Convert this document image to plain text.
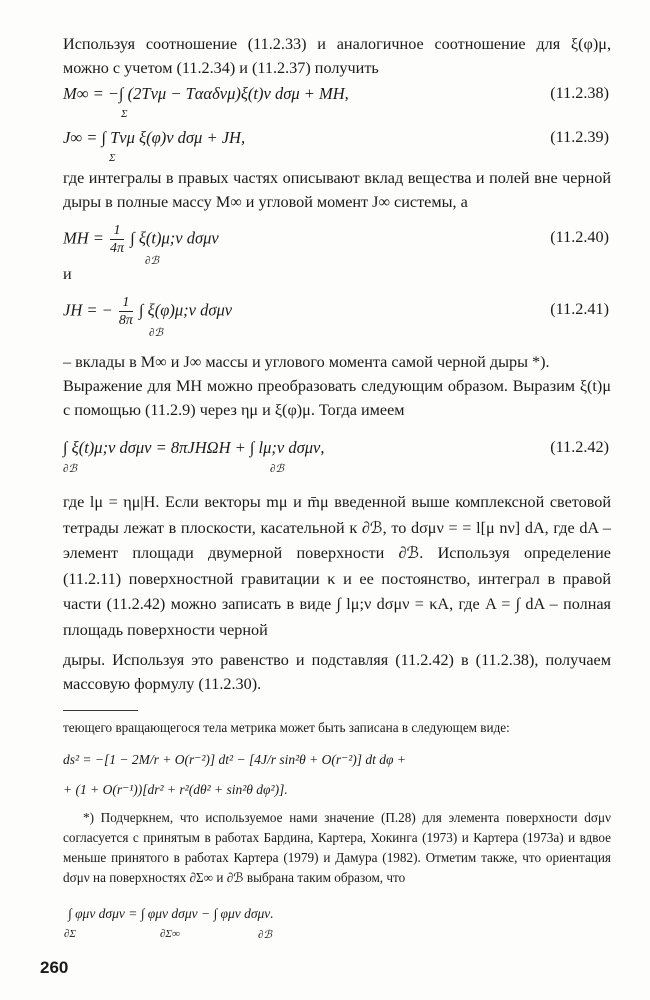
Используя соотношение (11.2.33) и аналогичное соотношение для ξ(φ)μ, можно с учетом (11.2.34) и (11.2.37) получить
M∞ = −∫ (2Tνμ − Tααδνμ)ξ(t)ν dσμ + MH,
Σ
(11.2.38)
J∞ = ∫ Tνμ ξ(φ)ν dσμ + JH,
Σ
(11.2.39)
где интегралы в правых частях описывают вклад вещества и полей вне черной дыры в полные массу M∞ и угловой момент J∞ системы, а
MH = $\frac{1}{4\pi}$ ∫ ξ(t)μ;ν dσμν
∂ℬ
(11.2.40)
и
JH = − $\frac{1}{8\pi}$ ∫ ξ(φ)μ;ν dσμν
∂ℬ
(11.2.41)
– вклады в M∞ и J∞ массы и углового момента самой черной дыры *).
Выражение для MH можно преобразовать следующим образом. Выразим ξ(t)μ с помощью (11.2.9) через ημ и ξ(φ)μ. Тогда имеем
∫ ξ(t)μ;ν dσμν = 8πJHΩH + ∫ lμ;ν dσμν,
∂ℬ	∂ℬ
(11.2.42)
где lμ = ημ|H. Если векторы mμ и m̄μ введенной выше комплексной световой тетрады лежат в плоскости, касательной к ∂ℬ, то dσμν = = l[μ nν] dA, где dA – элемент площади двумерной поверхности ∂ℬ. Используя определение (11.2.11) поверхностной гравитации κ и ее постоянство, интеграл в правой части (11.2.42) можно записать в виде ∫ lμ;ν dσμν = κA, где A = ∫ dA – полная площадь поверхности черной
дыры. Используя это равенство и подставляя (11.2.42) в (11.2.38), получаем массовую формулу (11.2.30).
теющего вращающегося тела метрика может быть записана в следующем виде:
ds² = −[1 − 2M/r + O(r⁻²)] dt² − [4J/r sin²θ + O(r⁻²)] dt dφ +
+ (1 + O(r⁻¹))[dr² + r²(dθ² + sin²θ dφ²)].
*) Подчеркнем, что используемое нами значение (П.28) для элемента поверхности dσμν согласуется с принятым в работах Бардина, Картера, Хокинга (1973) и Картера (1973а) и вдвое меньше принятого в работах Картера (1979) и Дамура (1982). Отметим также, что ориентация dσμν на поверхностях ∂Σ∞ и ∂ℬ выбрана таким образом, что
∫ φμν dσμν = ∫ φμν dσμν − ∫ φμν dσμν.
∂Σ	∂Σ∞	∂ℬ
260
